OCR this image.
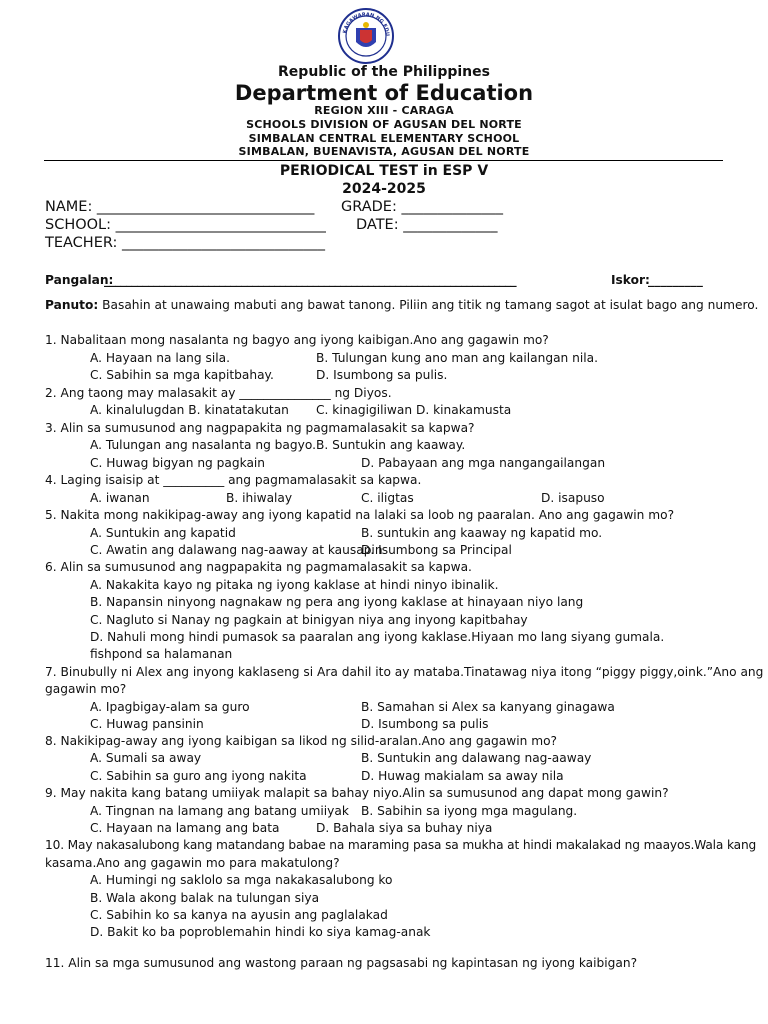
KAGAWARAN NG EDU
Republic of the Philippines
Department of Education
REGION XIII - CARAGA
SCHOOLS DIVISION OF AGUSAN DEL NORTE
SIMBALAN CENTRAL ELEMENTARY SCHOOL
SIMBALAN, BUENAVISTA, AGUSAN DEL NORTE
PERIODICAL TEST in ESP V
2024-2025
NAME: ______________________________ GRADE: ______________
SCHOOL: _____________________________ DATE: _____________
TEACHER: ____________________________
Pangalan:
___________________________________________________________________________	Iskor:
_________
Panuto: Basahin at unawaing mabuti ang bawat tanong. Piliin ang titik ng tamang sagot at isulat bago ang numero.
1. Nabalitaan mong nasalanta ng bagyo ang iyong kaibigan.Ano ang gagawin mo?
A. Hayaan na lang sila.	B. Tulungan kung ano man ang kailangan nila.
C. Sabihin sa mga kapitbahay.	D. Isumbong sa pulis.
2. Ang taong may malasakit ay _______________ ng Diyos.
A. kinalulugdan B. kinatatakutan C. kinagigiliwan D. kinakamusta
3. Alin sa sumusunod ang nagpapakita ng pagmamalasakit sa kapwa?
A. Tulungan ang nasalanta ng bagyo. B. Suntukin ang kaaway.
C. Huwag bigyan ng pagkain	D. Pabayaan ang mga nangangailangan
4. Laging isaisip at __________ ang pagmamalasakit sa kapwa.
A. iwanan	B. ihiwalay	C. iligtas	D. isapuso
5. Nakita mong nakikipag-away ang iyong kapatid na lalaki sa loob ng paaralan. Ano ang gagawin mo?
A. Suntukin ang kapatid	B. suntukin ang kaaway ng kapatid mo.
C. Awatin ang dalawang nag-aaway at kausapin
D. Isumbong sa Principal
6. Alin sa sumusunod ang nagpapakita ng pagmamalasakit sa kapwa.
A. Nakakita kayo ng pitaka ng iyong kaklase at hindi ninyo ibinalik.
B. Napansin ninyong nagnakaw ng pera ang iyong kaklase at hinayaan niyo lang
C. Nagluto si Nanay ng pagkain at binigyan niya ang inyong kapitbahay
D. Nahuli mong hindi pumasok sa paaralan ang iyong kaklase.Hiyaan mo lang siyang gumala.
fishpond sa halamanan
7. Binubully ni Alex ang inyong kaklaseng si Ara dahil ito ay mataba.Tinatawag niya itong “piggy piggy,oink.”Ano ang
gagawin mo?
A. Ipagbigay-alam sa guro	B. Samahan si Alex sa kanyang ginagawa
C. Huwag pansinin	D. Isumbong sa pulis
8. Nakikipag-away ang iyong kaibigan sa likod ng silid-aralan.Ano ang gagawin mo?
A. Sumali sa away	B. Suntukin ang dalawang nag-aaway
C. Sabihin sa guro ang iyong nakita	D. Huwag makialam sa away nila
9. May nakita kang batang umiiyak malapit sa bahay niyo.Alin sa sumusunod ang dapat mong gawin?
A. Tingnan na lamang ang batang umiiyak B. Sabihin sa iyong mga magulang.
C. Hayaan na lamang ang bata	D. Bahala siya sa buhay niya
10. May nakasalubong kang matandang babae na maraming pasa sa mukha at hindi makalakad ng maayos.Wala kang
kasama.Ano ang gagawin mo para makatulong?
A. Humingi ng saklolo sa mga nakakasalubong ko
B. Wala akong balak na tulungan siya
C. Sabihin ko sa kanya na ayusin ang paglalakad
D. Bakit ko ba poproblemahin hindi ko siya kamag-anak
11. Alin sa mga sumusunod ang wastong paraan ng pagsasabi ng kapintasan ng iyong kaibigan?
